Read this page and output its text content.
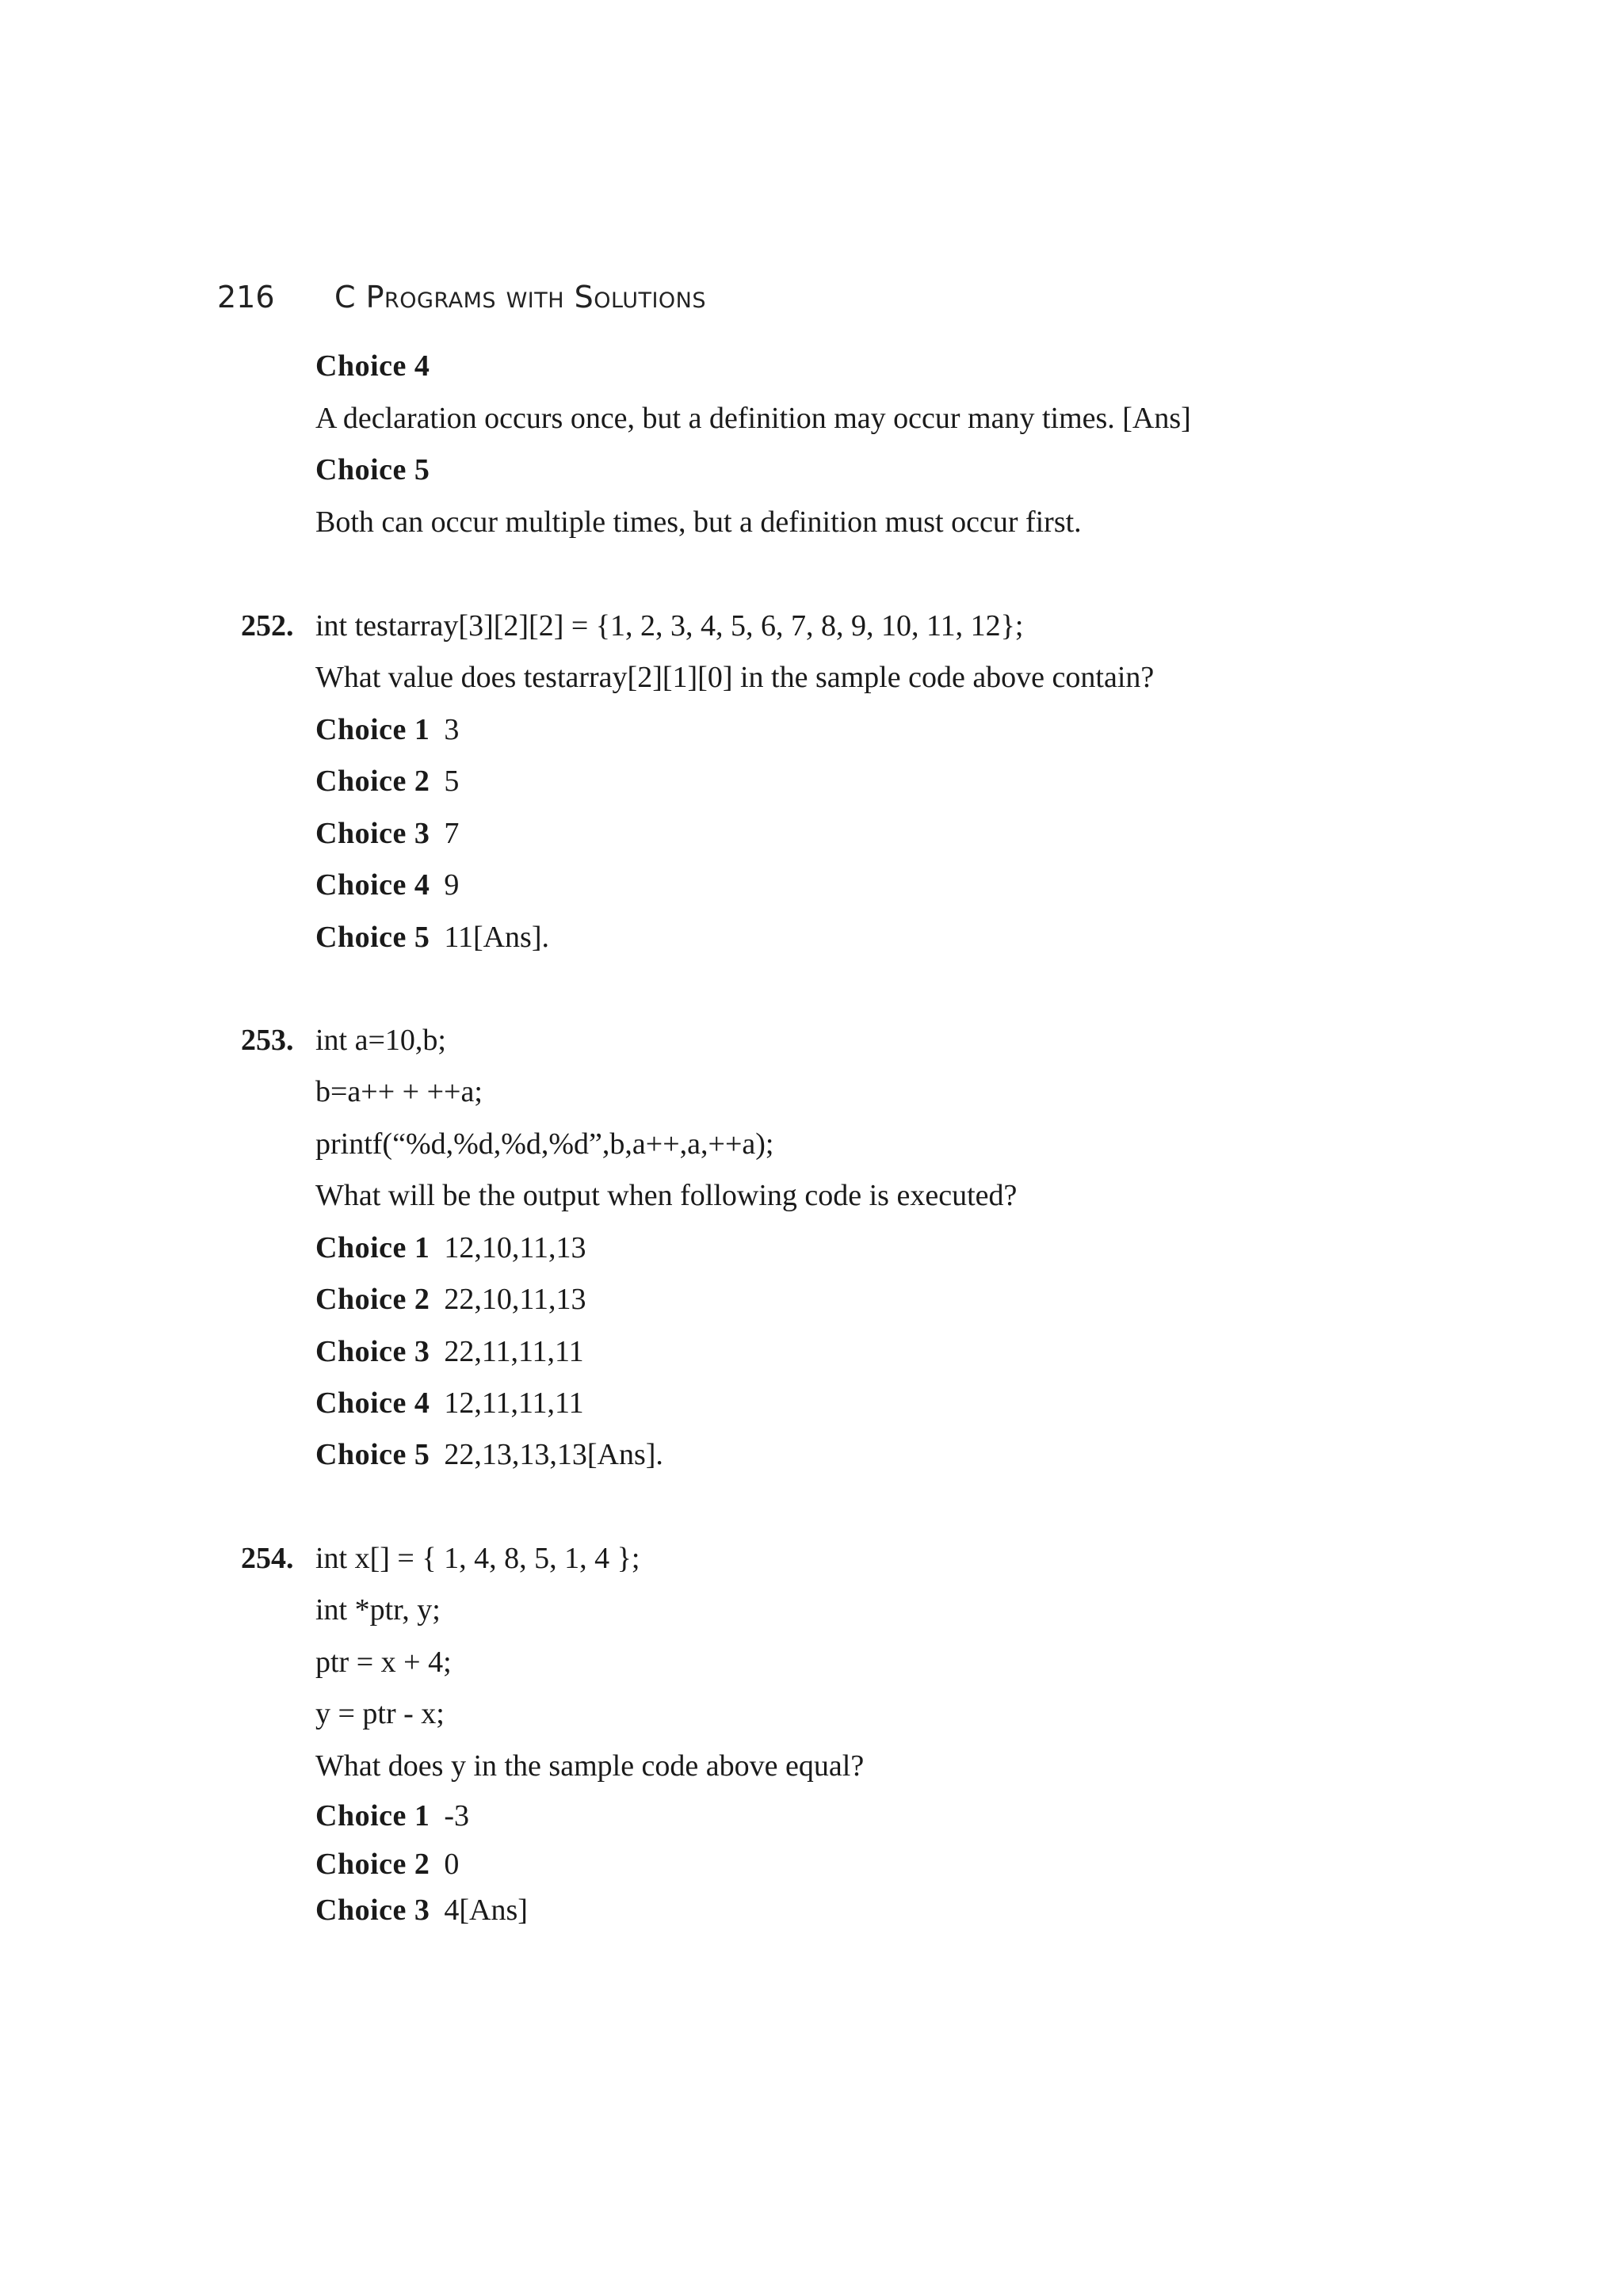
216	C Programs with Solutions
Choice 4
A declaration occurs once, but a definition may occur many times. [Ans]
Choice 5
Both can occur multiple times, but a definition must occur first.
252. int testarray[3][2][2] = {1, 2, 3, 4, 5, 6, 7, 8, 9, 10, 11, 12};
What value does testarray[2][1][0] in the sample code above contain?
Choice 1 3
Choice 2 5
Choice 3 7
Choice 4 9
Choice 5 11[Ans].
253. int a=10,b;
b=a++ + ++a;
printf(“%d,%d,%d,%d”,b,a++,a,++a);
What will be the output when following code is executed?
Choice 1 12,10,11,13
Choice 2 22,10,11,13
Choice 3 22,11,11,11
Choice 4 12,11,11,11
Choice 5 22,13,13,13[Ans].
254. int x[] = { 1, 4, 8, 5, 1, 4 };
int *ptr, y;
ptr = x + 4;
y = ptr - x;
What does y in the sample code above equal?
Choice 1 -3
Choice 2 0
Choice 3 4[Ans]
